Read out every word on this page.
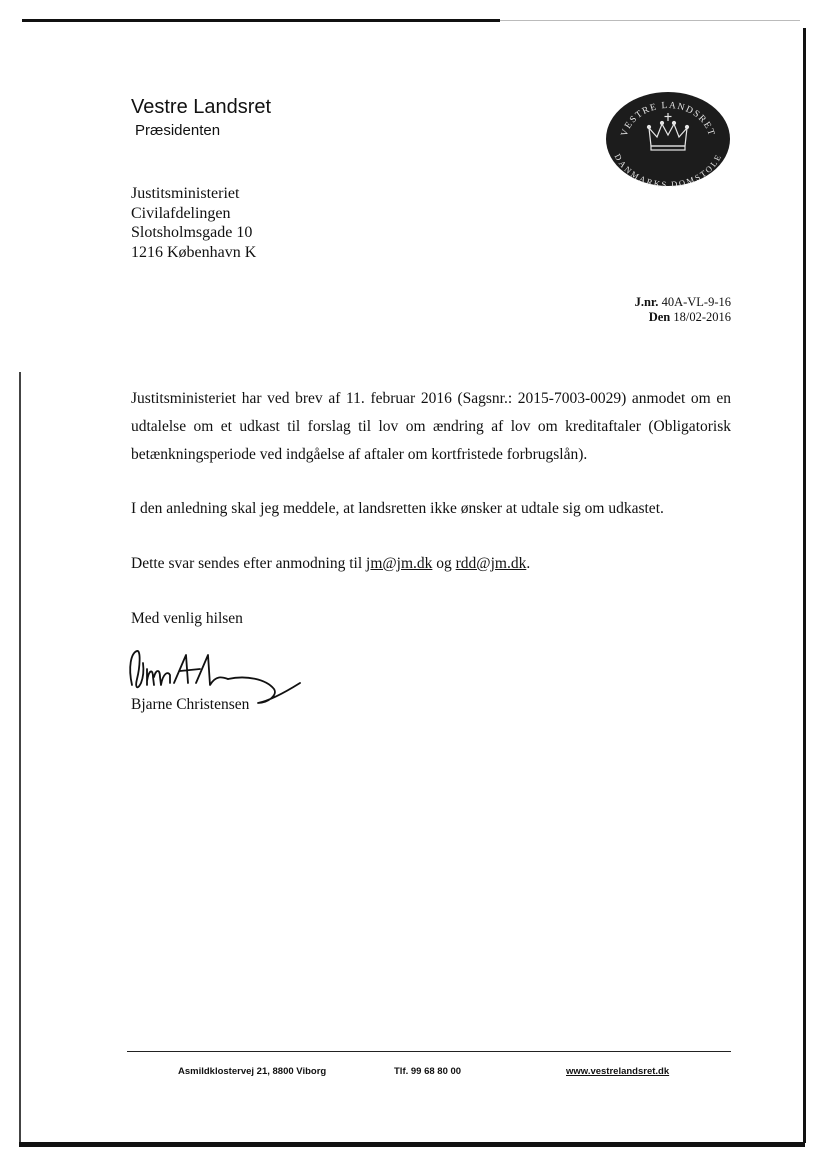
Vestre Landsret
Præsidenten	VESTRE LANDSRET
DANMARKS DOMSTOLE
Justitsministeriet
Civilafdelingen
Slotsholmsgade 10
1216 København K
J.nr. 40A-VL-9-16
Den 18/02-2016

Justitsministeriet har ved brev af 11. februar 2016 (Sagsnr.: 2015-7003-0029) anmodet om en udtalelse om et udkast til forslag til lov om ændring af lov om kreditaftaler (Obligatorisk betænkningsperiode ved indgåelse af aftaler om kortfristede forbrugslån).

I den anledning skal jeg meddele, at landsretten ikke ønsker at udtale sig om udkastet.

Dette svar sendes efter anmodning til jm@jm.dk og rdd@jm.dk.

Med venlig hilsen
Bjarne Christensen
Asmildklostervej 21, 8800 Viborg	Tlf. 99 68 80 00	www.vestrelandsret.dk
